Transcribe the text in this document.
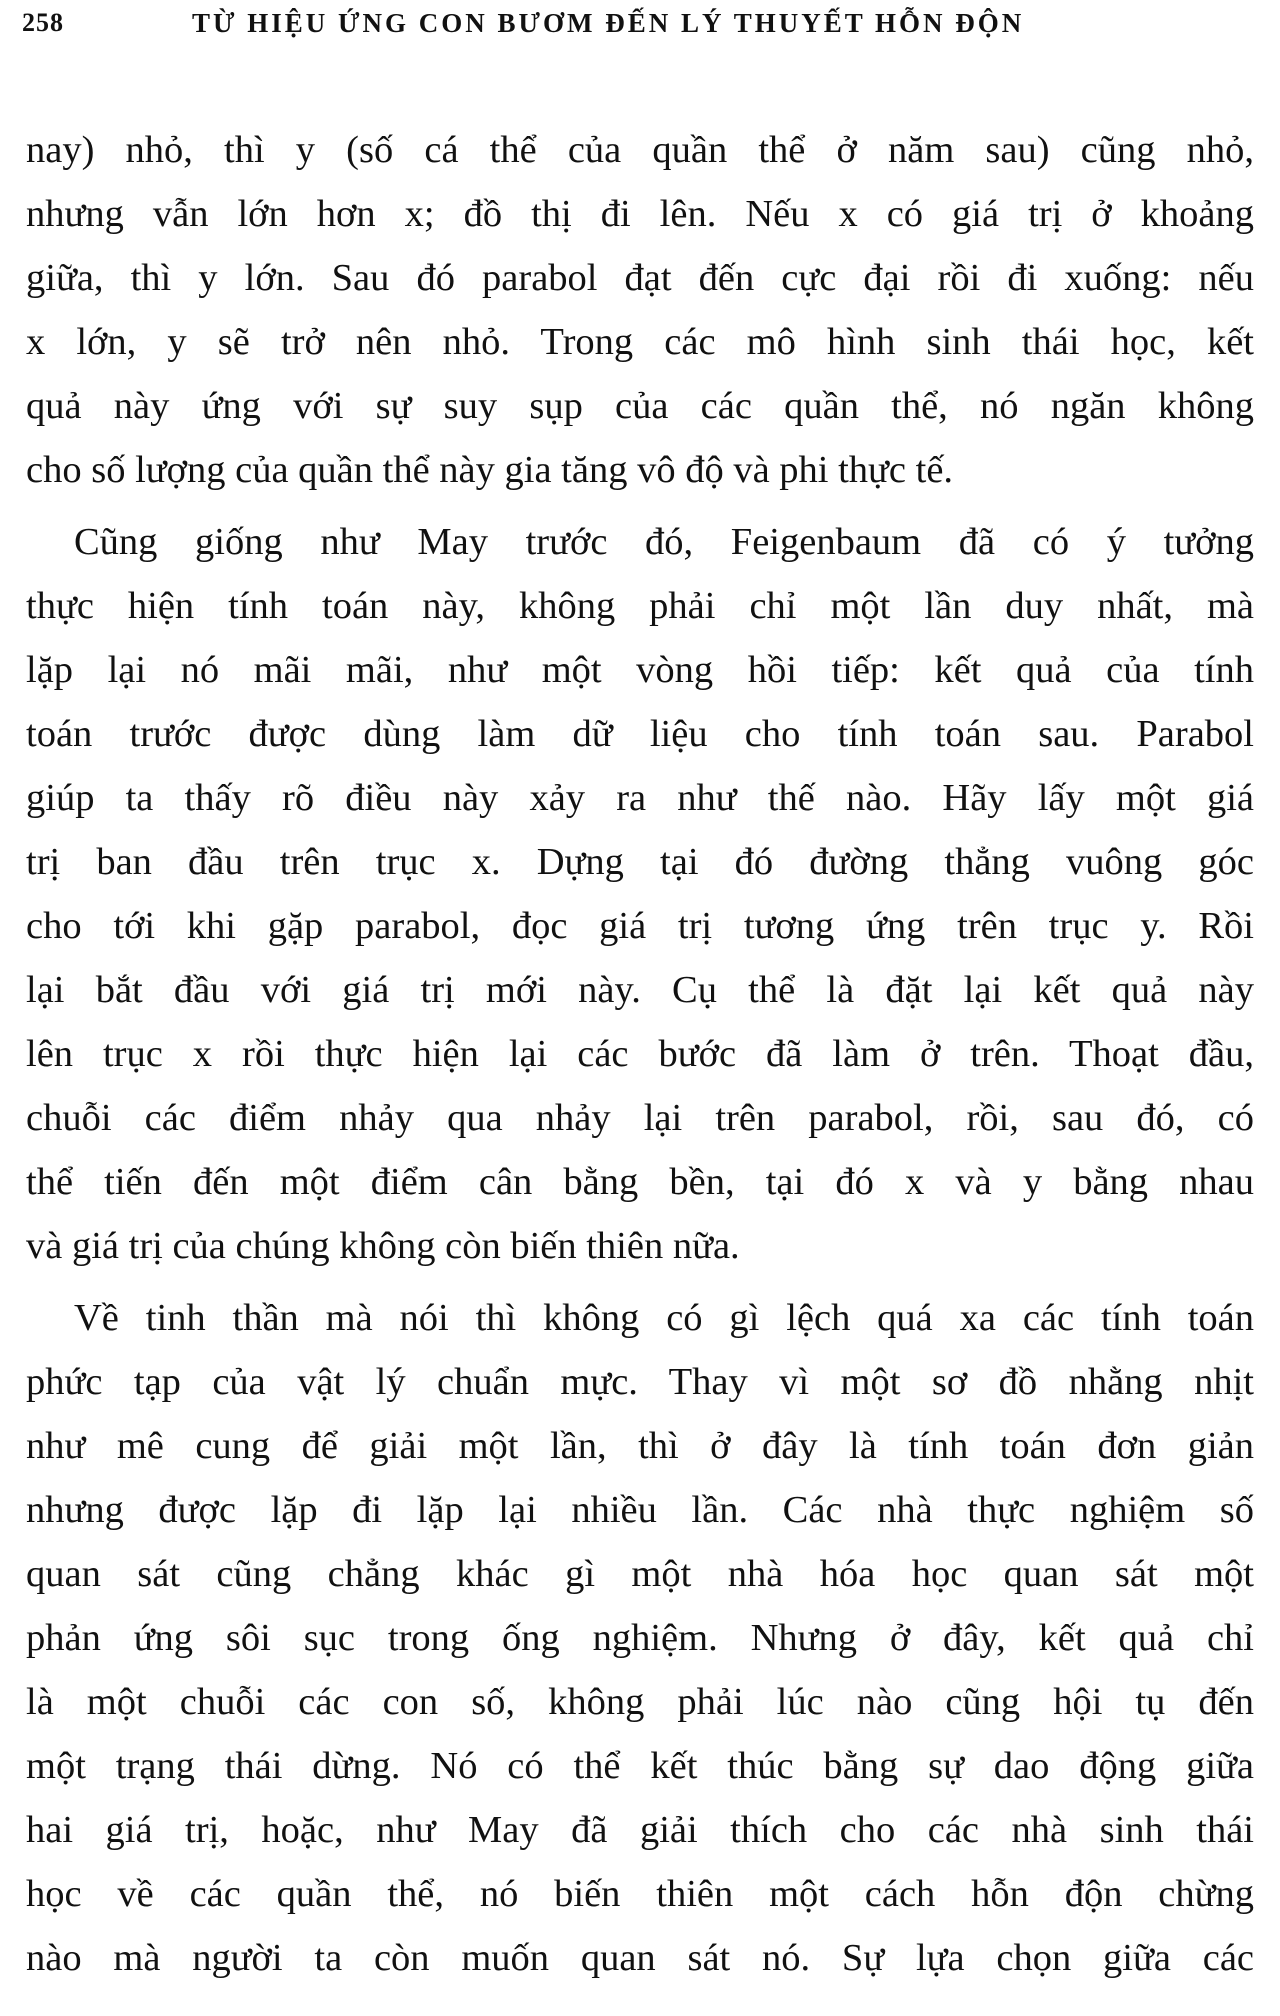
258	TỪ HIỆU ỨNG CON BƯƠM ĐẾN LÝ THUYẾT HỖN ĐỘN
nay) nhỏ, thì y (số cá thể của quần thể ở năm sau) cũng nhỏ,
nhưng vẫn lớn hơn x; đồ thị đi lên. Nếu x có giá trị ở khoảng
giữa, thì y lớn. Sau đó parabol đạt đến cực đại rồi đi xuống: nếu
x lớn, y sẽ trở nên nhỏ. Trong các mô hình sinh thái học, kết
quả này ứng với sự suy sụp của các quần thể, nó ngăn không
cho số lượng của quần thể này gia tăng vô độ và phi thực tế.
Cũng giống như May trước đó, Feigenbaum đã có ý tưởng
thực hiện tính toán này, không phải chỉ một lần duy nhất, mà
lặp lại nó mãi mãi, như một vòng hồi tiếp: kết quả của tính
toán trước được dùng làm dữ liệu cho tính toán sau. Parabol
giúp ta thấy rõ điều này xảy ra như thế nào. Hãy lấy một giá
trị ban đầu trên trục x. Dựng tại đó đường thẳng vuông góc
cho tới khi gặp parabol, đọc giá trị tương ứng trên trục y. Rồi
lại bắt đầu với giá trị mới này. Cụ thể là đặt lại kết quả này
lên trục x rồi thực hiện lại các bước đã làm ở trên. Thoạt đầu,
chuỗi các điểm nhảy qua nhảy lại trên parabol, rồi, sau đó, có
thể tiến đến một điểm cân bằng bền, tại đó x và y bằng nhau
và giá trị của chúng không còn biến thiên nữa.
Về tinh thần mà nói thì không có gì lệch quá xa các tính toán
phức tạp của vật lý chuẩn mực. Thay vì một sơ đồ nhằng nhịt
như mê cung để giải một lần, thì ở đây là tính toán đơn giản
nhưng được lặp đi lặp lại nhiều lần. Các nhà thực nghiệm số
quan sát cũng chẳng khác gì một nhà hóa học quan sát một
phản ứng sôi sục trong ống nghiệm. Nhưng ở đây, kết quả chỉ
là một chuỗi các con số, không phải lúc nào cũng hội tụ đến
một trạng thái dừng. Nó có thể kết thúc bằng sự dao động giữa
hai giá trị, hoặc, như May đã giải thích cho các nhà sinh thái
học về các quần thể, nó biến thiên một cách hỗn độn chừng
nào mà người ta còn muốn quan sát nó. Sự lựa chọn giữa các
